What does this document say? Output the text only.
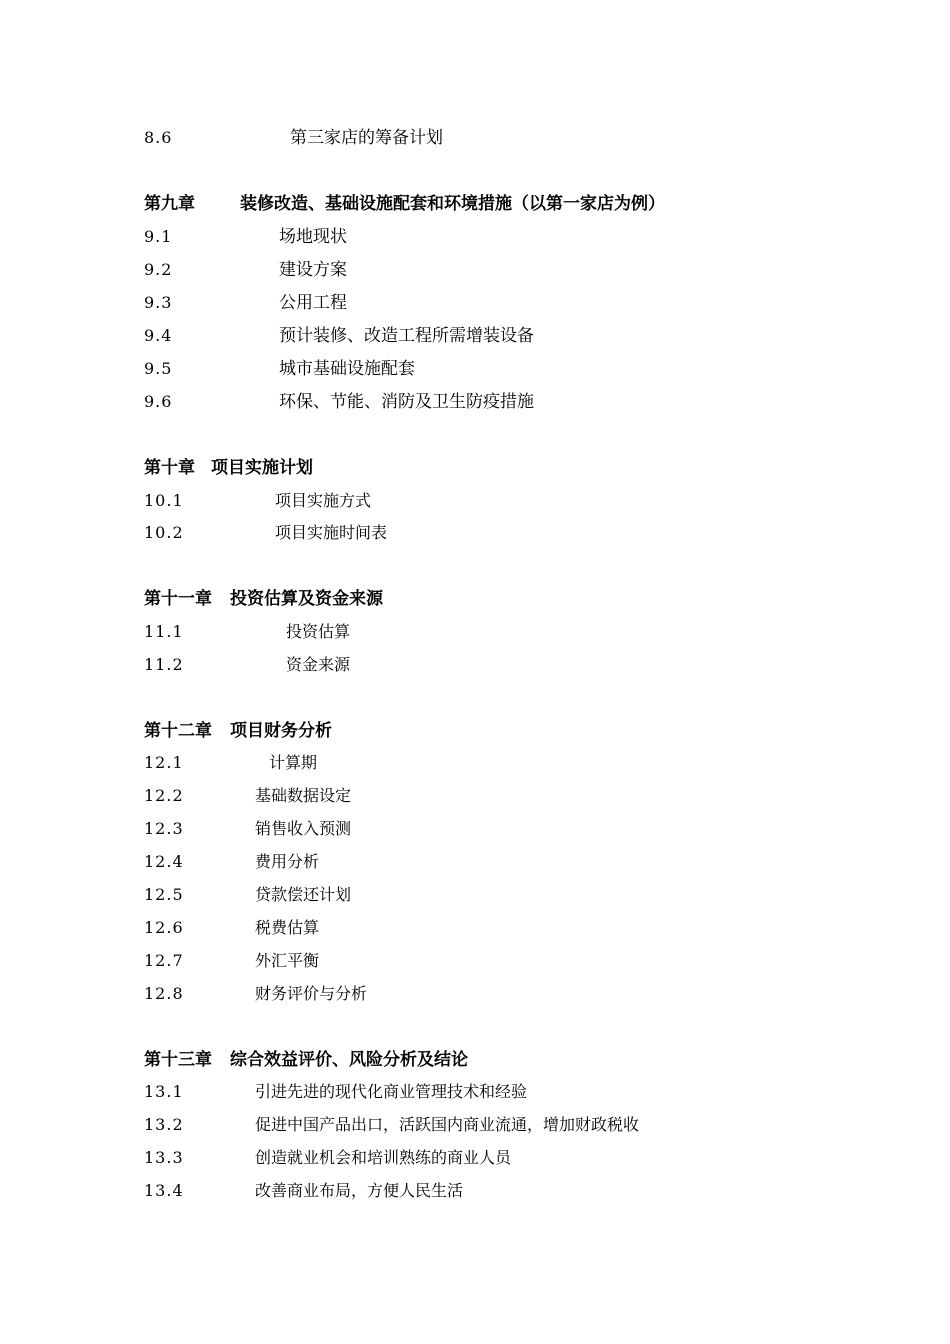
8.6	第三家店的筹备计划
第九章	装修改造、基础设施配套和环境措施（以第一家店为例）
9.1	场地现状
9.2	建设方案
9.3	公用工程
9.4	预计装修、改造工程所需增装设备
9.5	城市基础设施配套
9.6	环保、节能、消防及卫生防疫措施
第十章 项目实施计划
10.1	项目实施方式
10.2	项目实施时间表
第十一章 投资估算及资金来源
11.1	投资估算
11.2	资金来源
第十二章 项目财务分析
12.1	计算期
12.2	基础数据设定
12.3	销售收入预测
12.4	费用分析
12.5	贷款偿还计划
12.6	税费估算
12.7	外汇平衡
12.8	财务评价与分析
第十三章 综合效益评价、风险分析及结论
13.1	引进先进的现代化商业管理技术和经验
13.2	促进中国产品出口，活跃国内商业流通，增加财政税收
13.3	创造就业机会和培训熟练的商业人员
13.4	改善商业布局，方便人民生活
